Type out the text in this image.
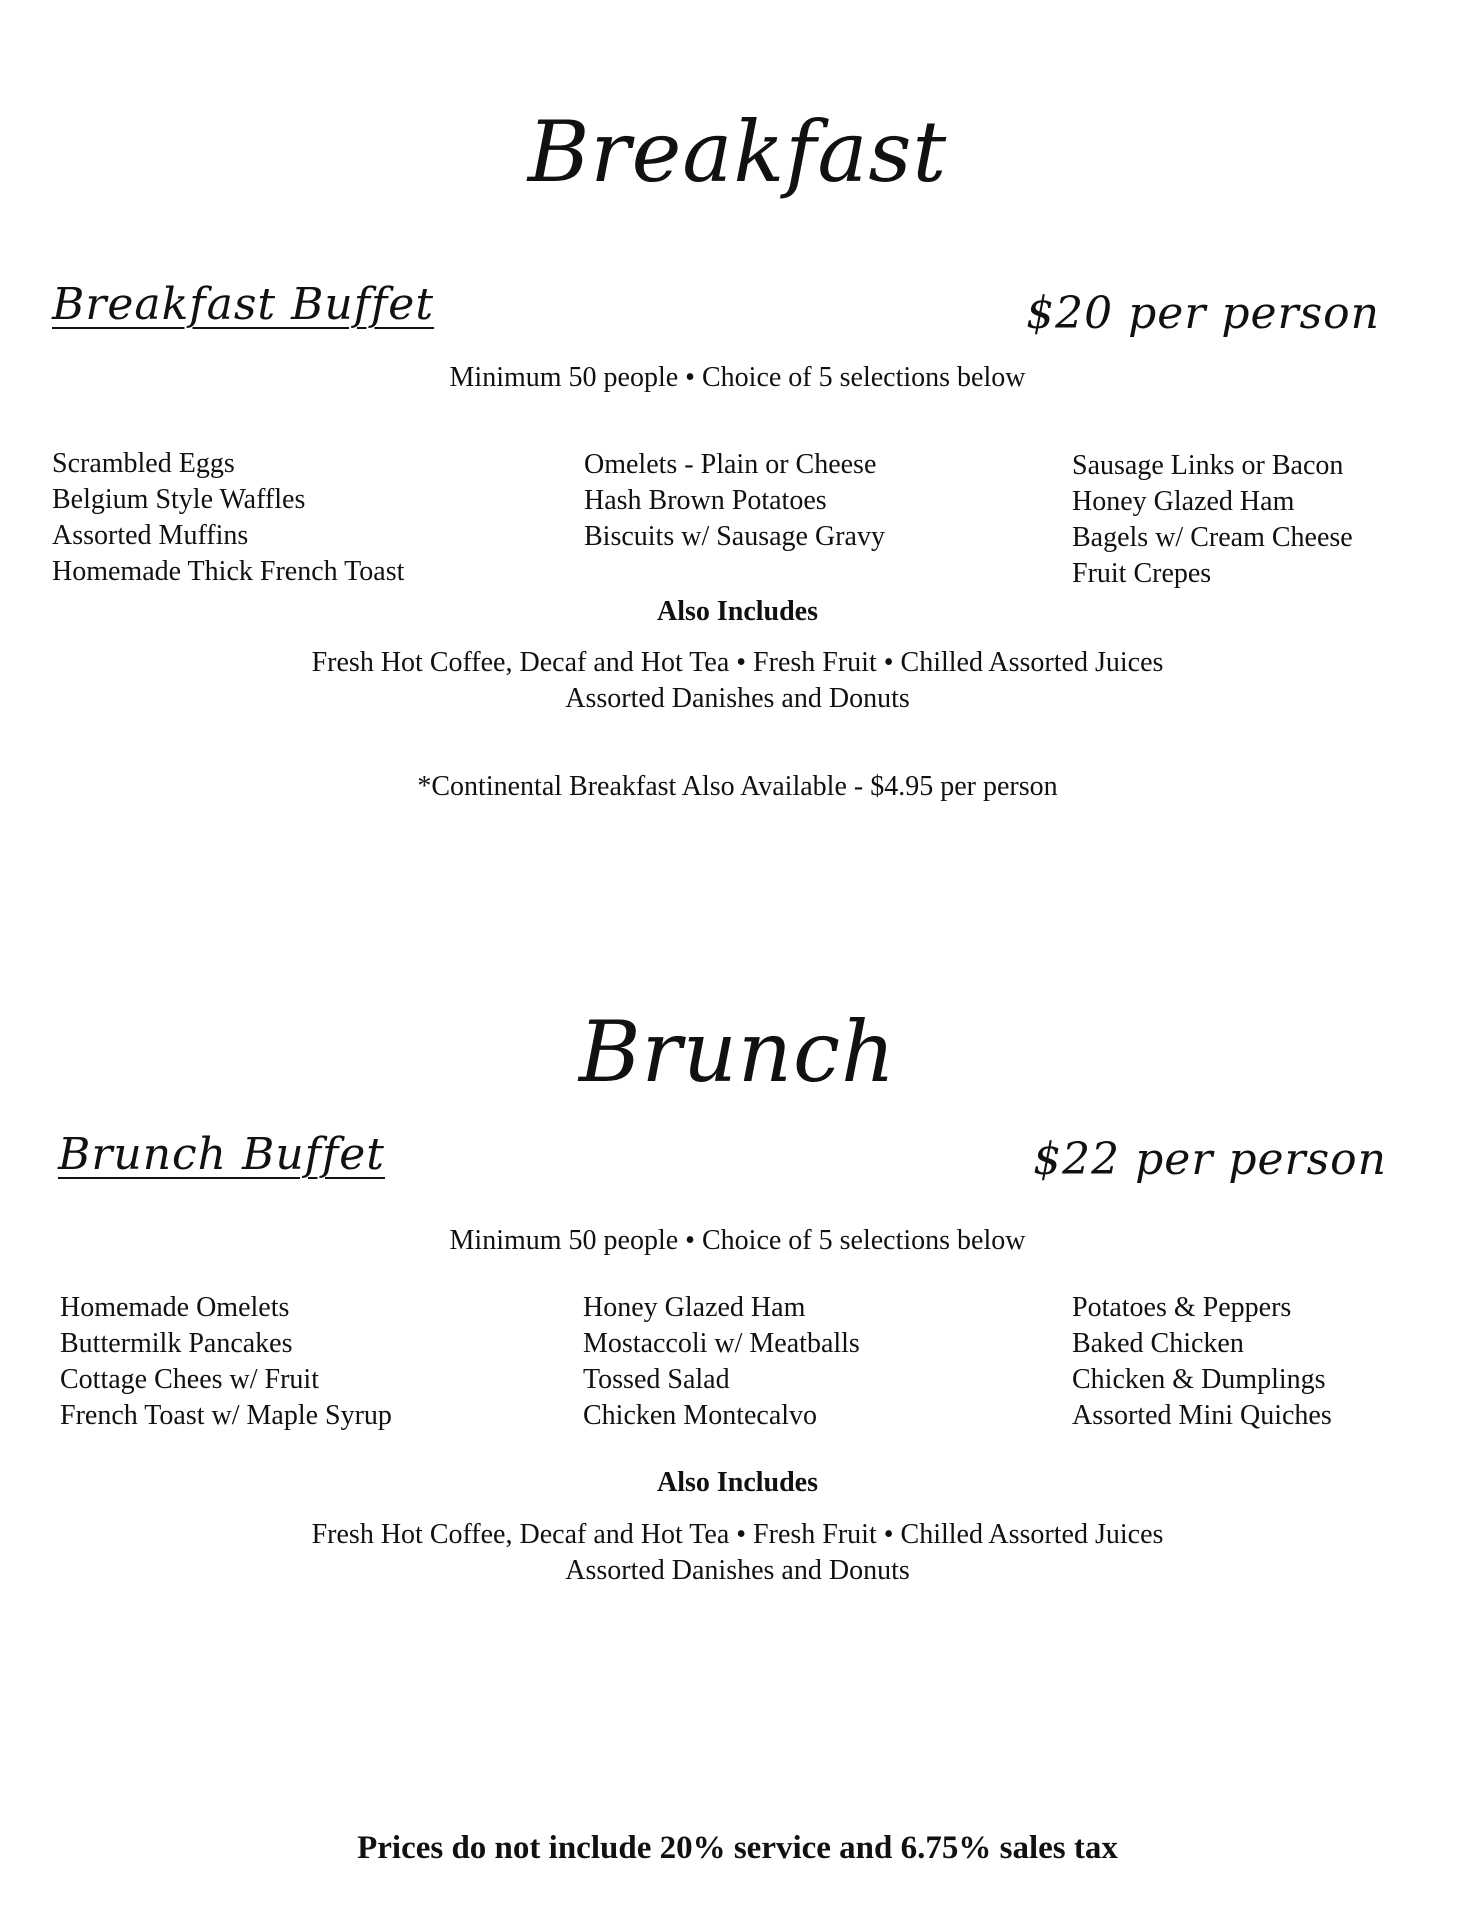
Breakfast
Breakfast Buffet	$20 per person
Minimum 50 people • Choice of 5 selections below
Scrambled Eggs
Belgium Style Waffles
Assorted Muffins
Homemade Thick French Toast
Omelets - Plain or Cheese
Hash Brown Potatoes
Biscuits w/ Sausage Gravy
Sausage Links or Bacon
Honey Glazed Ham
Bagels w/ Cream Cheese
Fruit Crepes
Also Includes
Fresh Hot Coffee, Decaf and Hot Tea • Fresh Fruit • Chilled Assorted Juices
Assorted Danishes and Donuts
*Continental Breakfast Also Available - $4.95 per person
Brunch
Brunch Buffet	$22 per person
Minimum 50 people • Choice of 5 selections below
Homemade Omelets
Buttermilk Pancakes
Cottage Chees w/ Fruit
French Toast w/ Maple Syrup
Honey Glazed Ham
Mostaccoli w/ Meatballs
Tossed Salad
Chicken Montecalvo
Potatoes & Peppers
Baked Chicken
Chicken & Dumplings
Assorted Mini Quiches
Also Includes
Fresh Hot Coffee, Decaf and Hot Tea • Fresh Fruit • Chilled Assorted Juices
Assorted Danishes and Donuts
Prices do not include 20% service and 6.75% sales tax
